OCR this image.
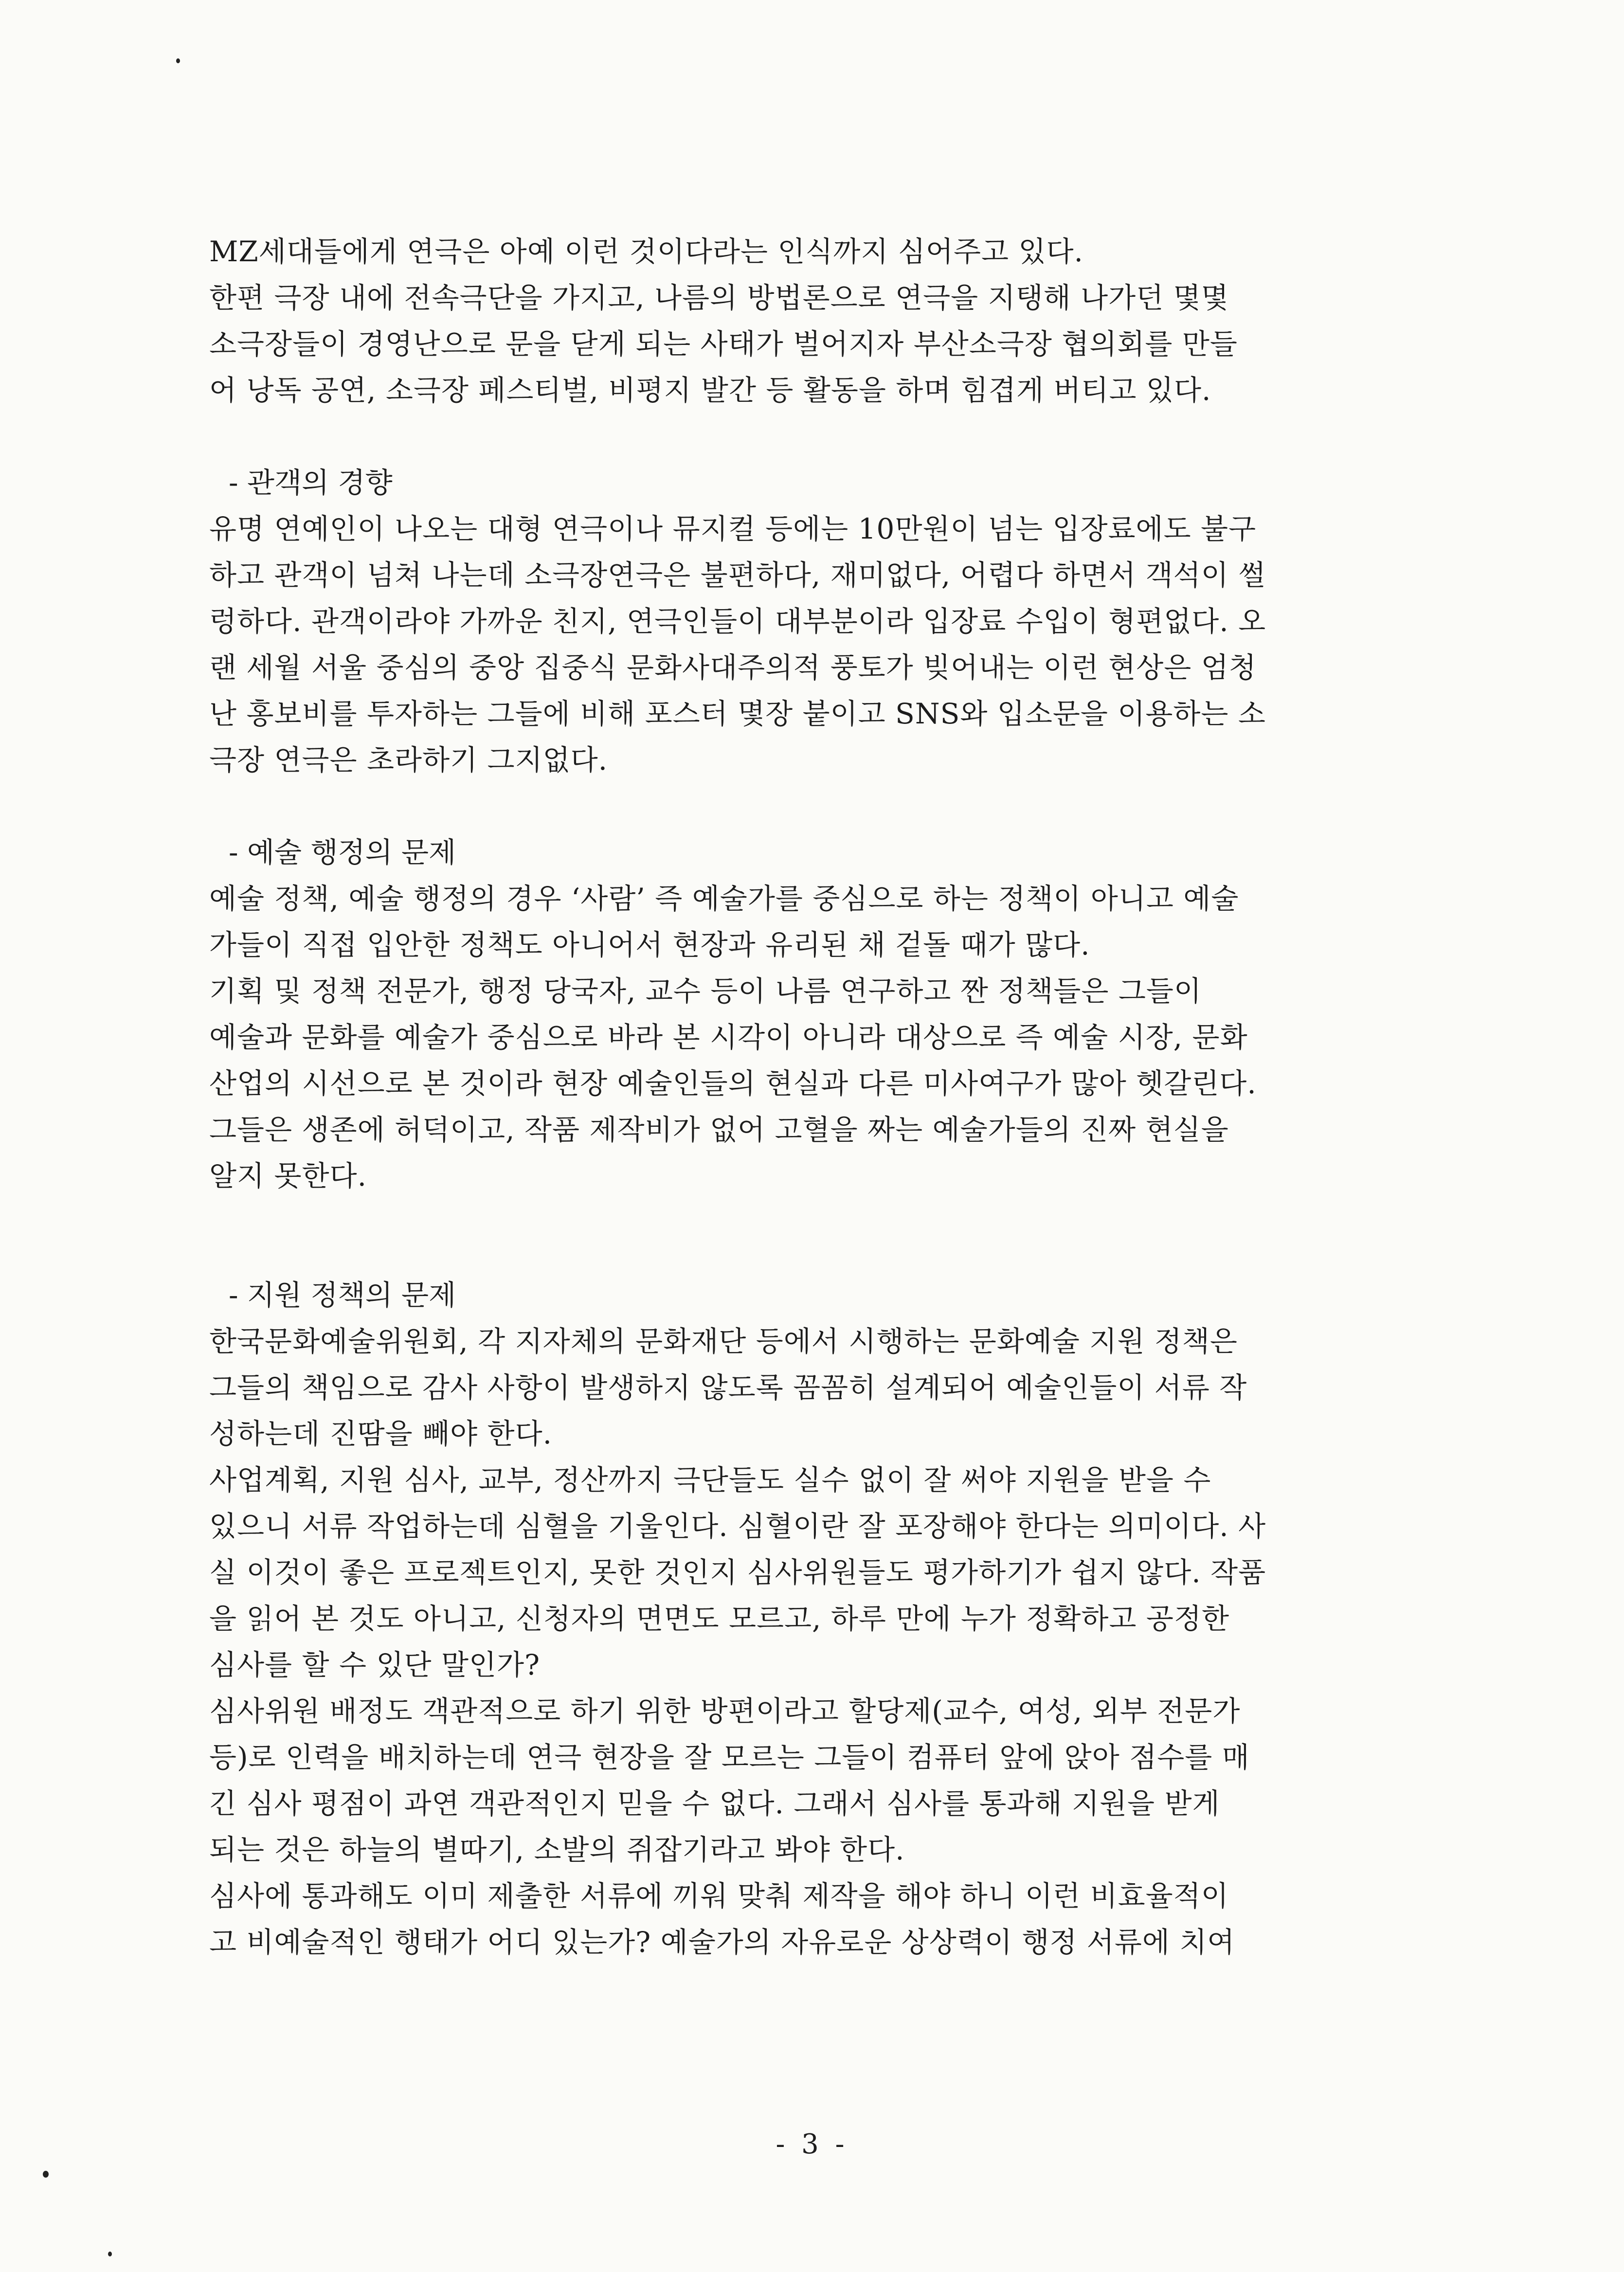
MZ세대들에게 연극은 아예 이런 것이다라는 인식까지 심어주고 있다.
한편 극장 내에 전속극단을 가지고, 나름의 방법론으로 연극을 지탱해 나가던 몇몇
소극장들이 경영난으로 문을 닫게 되는 사태가 벌어지자 부산소극장 협의회를 만들
어 낭독 공연, 소극장 페스티벌, 비평지 발간 등 활동을 하며 힘겹게 버티고 있다.
- 관객의 경향
유명 연예인이 나오는 대형 연극이나 뮤지컬 등에는 10만원이 넘는 입장료에도 불구
하고 관객이 넘쳐 나는데 소극장연극은 불편하다, 재미없다, 어렵다 하면서 객석이 썰
렁하다. 관객이라야 가까운 친지, 연극인들이 대부분이라 입장료 수입이 형편없다. 오
랜 세월 서울 중심의 중앙 집중식 문화사대주의적 풍토가 빚어내는 이런 현상은 엄청
난 홍보비를 투자하는 그들에 비해 포스터 몇장 붙이고 SNS와 입소문을 이용하는 소
극장 연극은 초라하기 그지없다.
- 예술 행정의 문제
예술 정책, 예술 행정의 경우 ‘사람’ 즉 예술가를 중심으로 하는 정책이 아니고 예술
가들이 직접 입안한 정책도 아니어서 현장과 유리된 채 겉돌 때가 많다.
기획 및 정책 전문가, 행정 당국자, 교수 등이 나름 연구하고 짠 정책들은 그들이
예술과 문화를 예술가 중심으로 바라 본 시각이 아니라 대상으로 즉 예술 시장, 문화
산업의 시선으로 본 것이라 현장 예술인들의 현실과 다른 미사여구가 많아 헷갈린다.
그들은 생존에 허덕이고, 작품 제작비가 없어 고혈을 짜는 예술가들의 진짜 현실을
알지 못한다.
- 지원 정책의 문제
한국문화예술위원회, 각 지자체의 문화재단 등에서 시행하는 문화예술 지원 정책은
그들의 책임으로 감사 사항이 발생하지 않도록 꼼꼼히 설계되어 예술인들이 서류 작
성하는데 진땀을 빼야 한다.
사업계획, 지원 심사, 교부, 정산까지 극단들도 실수 없이 잘 써야 지원을 받을 수
있으니 서류 작업하는데 심혈을 기울인다. 심혈이란 잘 포장해야 한다는 의미이다. 사
실 이것이 좋은 프로젝트인지, 못한 것인지 심사위원들도 평가하기가 쉽지 않다. 작품
을 읽어 본 것도 아니고, 신청자의 면면도 모르고, 하루 만에 누가 정확하고 공정한
심사를 할 수 있단 말인가?
심사위원 배정도 객관적으로 하기 위한 방편이라고 할당제(교수, 여성, 외부 전문가
등)로 인력을 배치하는데 연극 현장을 잘 모르는 그들이 컴퓨터 앞에 앉아 점수를 매
긴 심사 평점이 과연 객관적인지 믿을 수 없다. 그래서 심사를 통과해 지원을 받게
되는 것은 하늘의 별따기, 소발의 쥐잡기라고 봐야 한다.
심사에 통과해도 이미 제출한 서류에 끼워 맞춰 제작을 해야 하니 이런 비효율적이
고 비예술적인 행태가 어디 있는가? 예술가의 자유로운 상상력이 행정 서류에 치여
- 3 -
